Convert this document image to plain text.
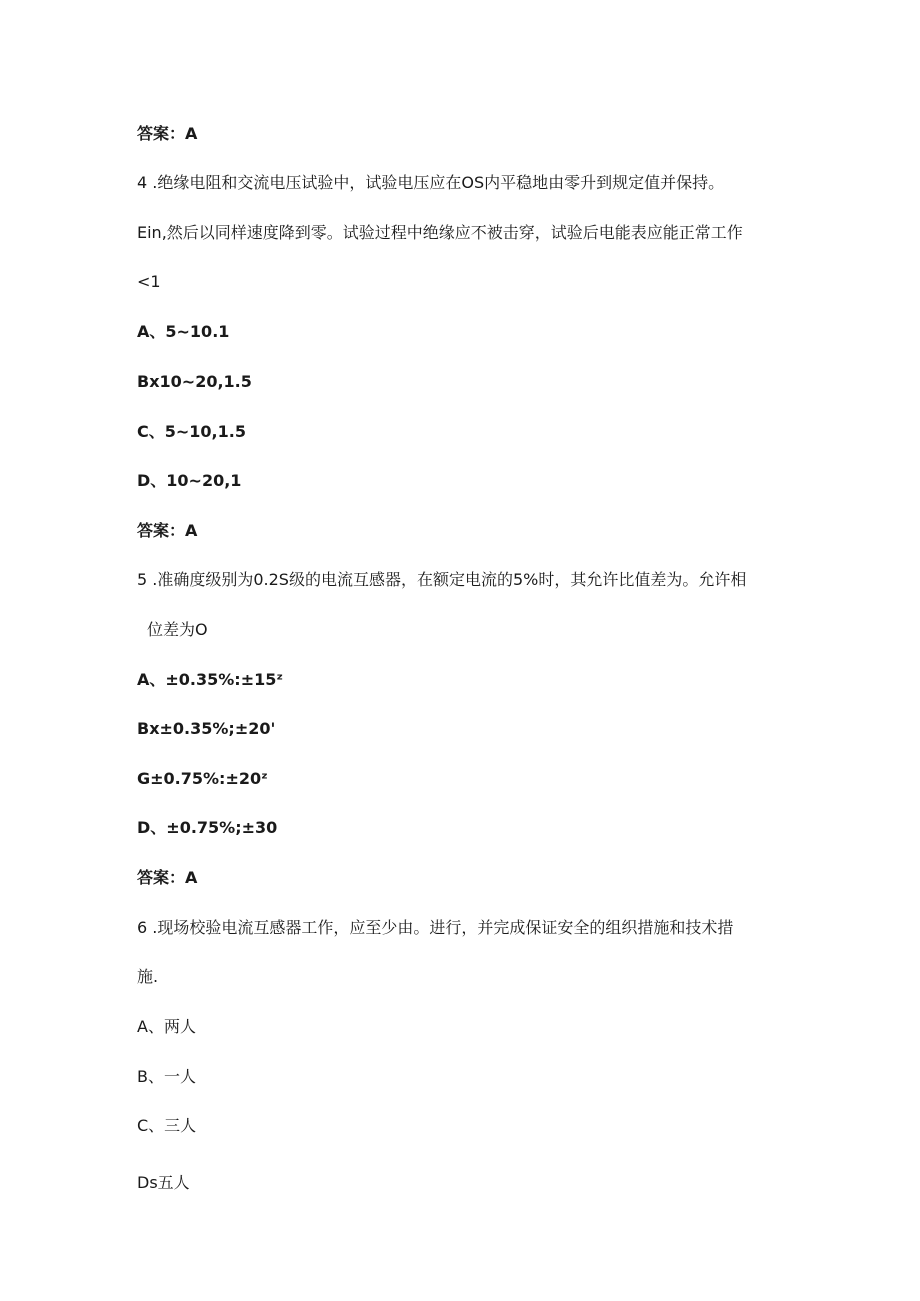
答案：A
4 .绝缘电阻和交流电压试验中，试验电压应在OS内平稳地由零升到规定值并保持。
Ein,然后以同样速度降到零。试验过程中绝缘应不被击穿，试验后电能表应能正常工作
<1
A、5~10.1
Bx10~20,1.5
C、5~10,1.5
D、10~20,1
答案：A
5 .准确度级别为0.2S级的电流互感器，在额定电流的5%时，其允许比值差为。允许相
位差为O
A、±0.35%:±15ᶻ
Bx±0.35%;±20'
G±0.75%:±20ᶻ
D、±0.75%;±30
答案：A
6 .现场校验电流互感器工作，应至少由。进行，并完成保证安全的组织措施和技术措
施.
A、两人
B、一人
C、三人
Ds五人
